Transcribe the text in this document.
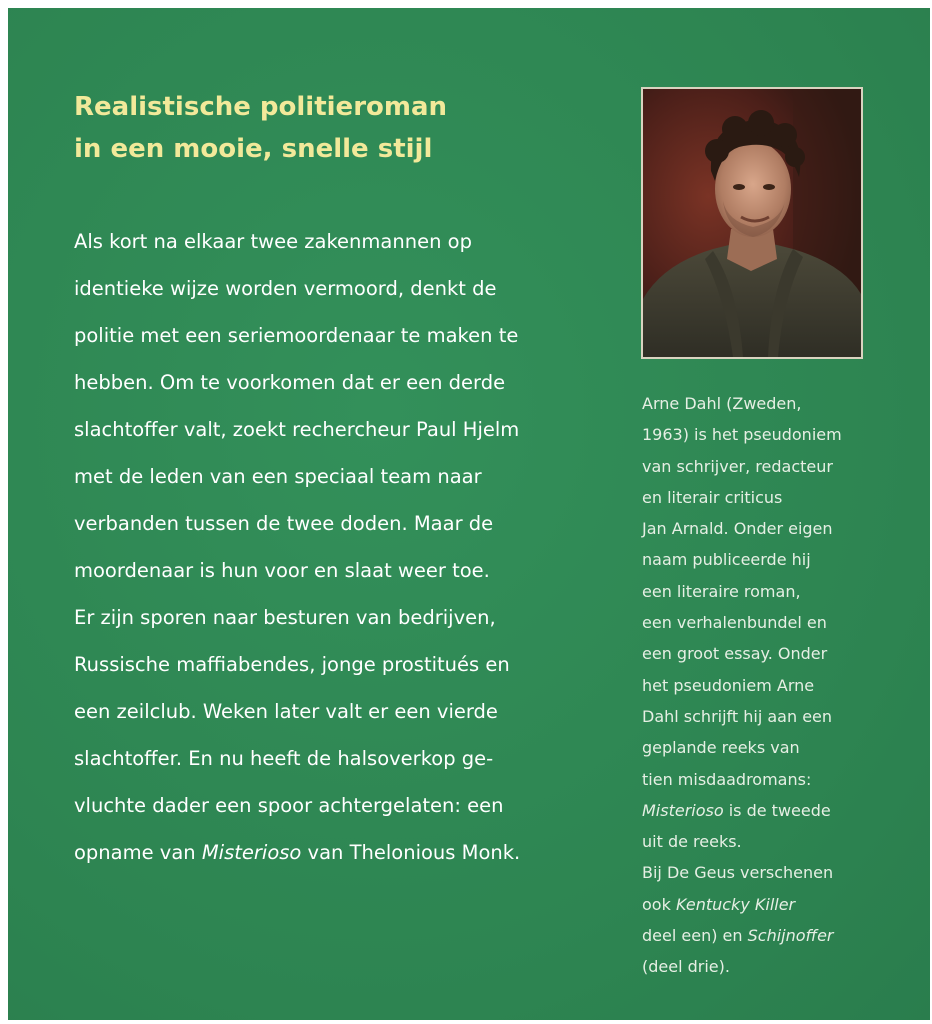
Realistische politieroman
in een mooie, snelle stijl

Als kort na elkaar twee zakenmannen op
identieke wijze worden vermoord, denkt de
politie met een seriemoordenaar te maken te
hebben. Om te voorkomen dat er een derde
slachtoffer valt, zoekt rechercheur Paul Hjelm
met de leden van een speciaal team naar
verbanden tussen de twee doden. Maar de
moordenaar is hun voor en slaat weer toe.
Er zijn sporen naar besturen van bedrijven,
Russische maffiabendes, jonge prostitués en
een zeilclub. Weken later valt er een vierde
slachtoffer. En nu heeft de halsoverkop ge-
vluchte dader een spoor achtergelaten: een
opname van Misterioso van Thelonious Monk.

Arne Dahl (Zweden,
1963) is het pseudoniem
van schrijver, redacteur
en literair criticus
Jan Arnald. Onder eigen
naam publiceerde hij
een literaire roman,
een verhalenbundel en
een groot essay. Onder
het pseudoniem Arne
Dahl schrijft hij aan een
geplande reeks van
tien misdaadromans:
Misterioso is de tweede
uit de reeks.
Bij De Geus verschenen
ook Kentucky Killer
deel een) en Schijnoffer
(deel drie).
